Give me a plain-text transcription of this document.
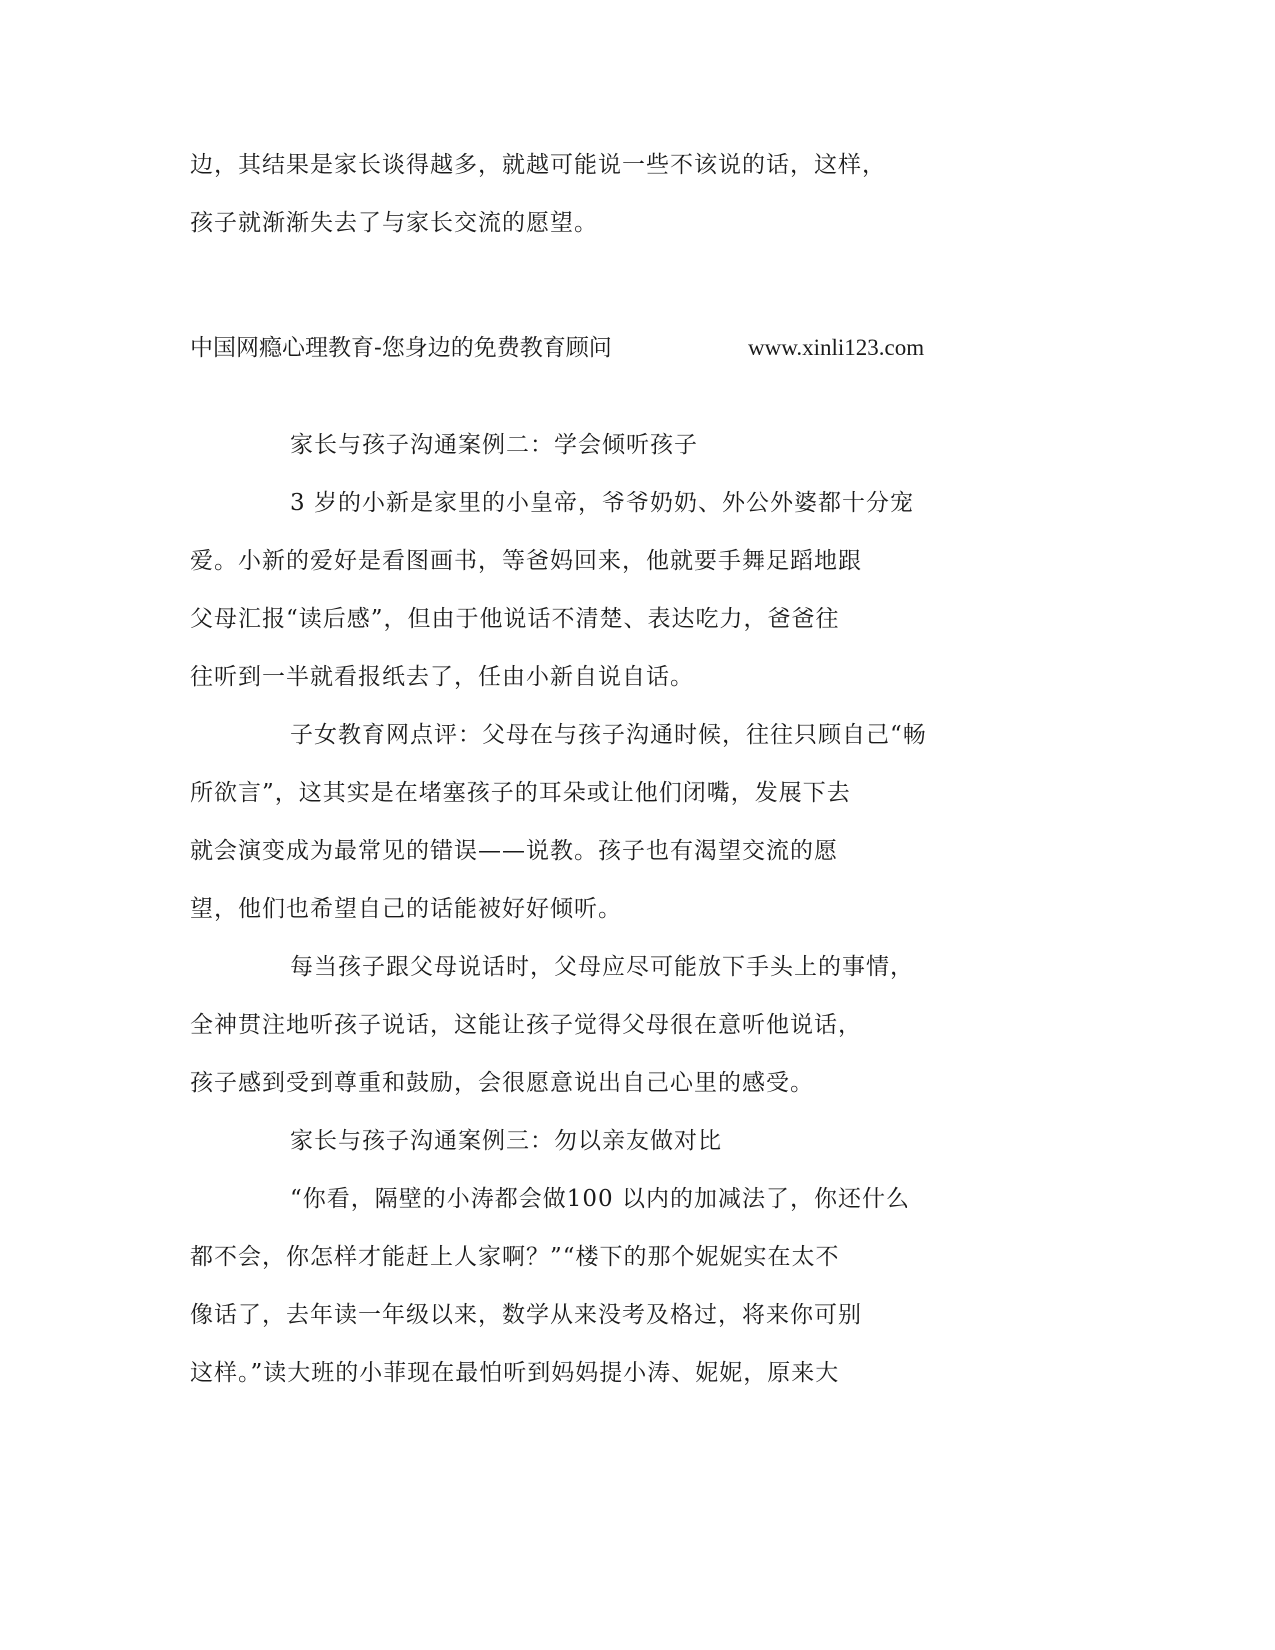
边，其结果是家长谈得越多，就越可能说一些不该说的话，这样，
孩子就渐渐失去了与家长交流的愿望。
中国网瘾心理教育-您身边的免费教育顾问	www.xinli123.com
家长与孩子沟通案例二：学会倾听孩子
3 岁的小新是家里的小皇帝，爷爷奶奶、外公外婆都十分宠
爱。小新的爱好是看图画书，等爸妈回来，他就要手舞足蹈地跟
父母汇报“读后感”，但由于他说话不清楚、表达吃力，爸爸往
往听到一半就看报纸去了，任由小新自说自话。
子女教育网点评：父母在与孩子沟通时候，往往只顾自己“畅
所欲言”，这其实是在堵塞孩子的耳朵或让他们闭嘴，发展下去
就会演变成为最常见的错误——说教。孩子也有渴望交流的愿
望，他们也希望自己的话能被好好倾听。
每当孩子跟父母说话时，父母应尽可能放下手头上的事情，
全神贯注地听孩子说话，这能让孩子觉得父母很在意听他说话，
孩子感到受到尊重和鼓励，会很愿意说出自己心里的感受。
家长与孩子沟通案例三：勿以亲友做对比
“你看，隔壁的小涛都会做100 以内的加减法了，你还什么
都不会，你怎样才能赶上人家啊？”“楼下的那个妮妮实在太不
像话了，去年读一年级以来，数学从来没考及格过，将来你可别
这样。”读大班的小菲现在最怕听到妈妈提小涛、妮妮，原来大
